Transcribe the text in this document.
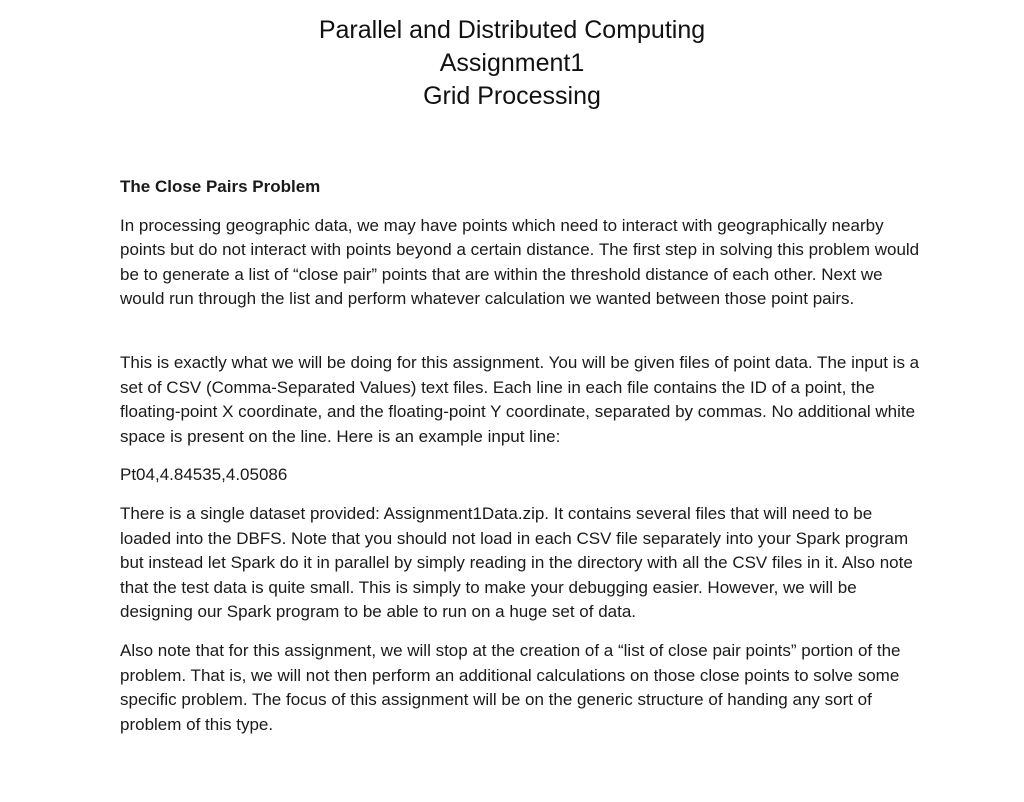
Parallel and Distributed Computing
Assignment1
Grid Processing
The Close Pairs Problem
In processing geographic data, we may have points which need to interact with geographically nearby points but do not interact with points beyond a certain distance. The first step in solving this problem would be to generate a list of “close pair” points that are within the threshold distance of each other. Next we would run through the list and perform whatever calculation we wanted between those point pairs.
This is exactly what we will be doing for this assignment. You will be given files of point data. The input is a set of CSV (Comma-Separated Values) text files. Each line in each file contains the ID of a point, the floating-point X coordinate, and the floating-point Y coordinate, separated by commas. No additional white space is present on the line. Here is an example input line:
Pt04,4.84535,4.05086
There is a single dataset provided: Assignment1Data.zip. It contains several files that will need to be loaded into the DBFS. Note that you should not load in each CSV file separately into your Spark program but instead let Spark do it in parallel by simply reading in the directory with all the CSV files in it. Also note that the test data is quite small. This is simply to make your debugging easier. However, we will be designing our Spark program to be able to run on a huge set of data.
Also note that for this assignment, we will stop at the creation of a “list of close pair points” portion of the problem. That is, we will not then perform an additional calculations on those close points to solve some specific problem. The focus of this assignment will be on the generic structure of handing any sort of problem of this type.
